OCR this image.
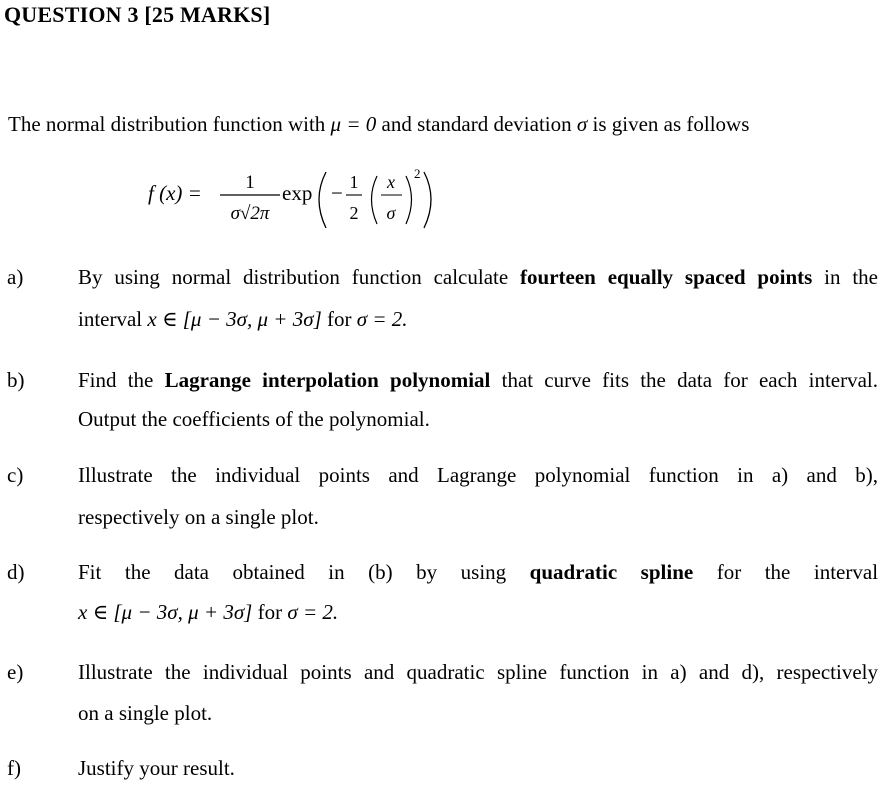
QUESTION 3 [25 MARKS]
The normal distribution function with μ = 0 and standard deviation σ is given as follows
f (x) = 1
σ√2π
exp − 1
2
x
σ
2
a)	By using normal distribution function calculate fourteen equally spaced points in the
interval x ∈ [μ − 3σ, μ + 3σ] for σ = 2.
b)	Find the Lagrange interpolation polynomial that curve fits the data for each interval.
Output the coefficients of the polynomial.
c)	Illustrate the individual points and Lagrange polynomial function in a) and b),
respectively on a single plot.
d)	Fit the data obtained in (b) by using quadratic spline for the interval
x ∈ [μ − 3σ, μ + 3σ] for σ = 2.
e)	Illustrate the individual points and quadratic spline function in a) and d), respectively
on a single plot.
f)	Justify your result.
